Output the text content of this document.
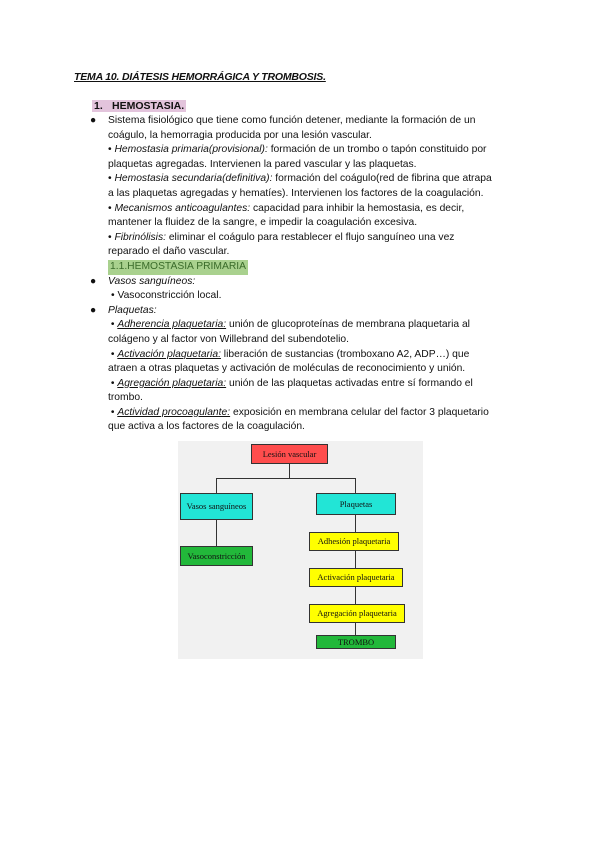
TEMA 10. DIÁTESIS HEMORRÁGICA Y TROMBOSIS.
1. HEMOSTASIA.
● Sistema fisiológico que tiene como función detener, mediante la formación de un
coágulo, la hemorragia producida por una lesión vascular.
• Hemostasia primaria(provisional): formación de un trombo o tapón constituido por
plaquetas agregadas. Intervienen la pared vascular y las plaquetas.
• Hemostasia secundaria(definitiva): formación del coágulo(red de fibrina que atrapa
a las plaquetas agregadas y hematíes). Intervienen los factores de la coagulación.
• Mecanismos anticoagulantes: capacidad para inhibir la hemostasia, es decir,
mantener la fluidez de la sangre, e impedir la coagulación excesiva.
• Fibrinólisis: eliminar el coágulo para restablecer el flujo sanguíneo una vez
reparado el daño vascular.
1.1.HEMOSTASIA PRIMARIA
● Vasos sanguíneos:
• Vasoconstricción local.
● Plaquetas:
• Adherencia plaquetaria: unión de glucoproteínas de membrana plaquetaria al
colágeno y al factor von Willebrand del subendotelio.
• Activación plaquetaria: liberación de sustancias (tromboxano A2, ADP…) que
atraen a otras plaquetas y activación de moléculas de reconocimiento y unión.
• Agregación plaquetaria: unión de las plaquetas activadas entre sí formando el
trombo.
• Actividad procoagulante: exposición en membrana celular del factor 3 plaquetario
que activa a los factores de la coagulación.
Lesión vascular
Vasos sanguíneos	Plaquetas
Vasoconstricción
Adhesión plaquetaria
Activación plaquetaria
Agregación plaquetaria
TROMBO
